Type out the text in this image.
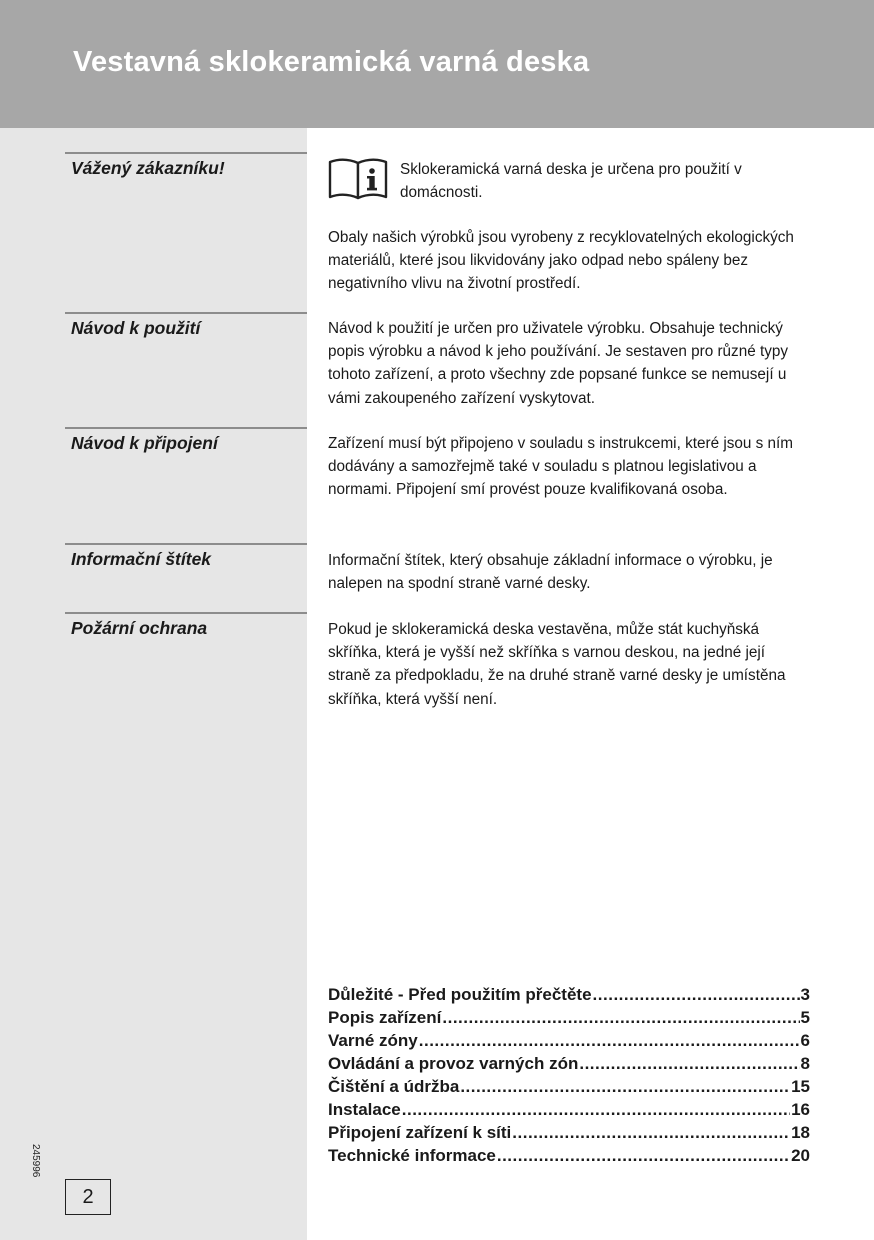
Vestavná sklokeramická varná deska
Vážený zákazníku!
Návod k použití
Návod k připojení
Informační štítek
Požární ochrana

Sklokeramická varná deska je určena pro použití v domácnosti.

Obaly našich výrobků jsou vyrobeny z recyklovatelných ekologických materiálů, které jsou likvidovány jako odpad nebo spáleny bez negativního vlivu na životní prostředí.

Návod k použití je určen pro uživatele výrobku. Obsahuje technický popis výrobku a návod k jeho používání. Je sestaven pro různé typy tohoto zařízení, a proto všechny zde popsané funkce se nemusejí u vámi zakoupeného zařízení vyskytovat.

Zařízení musí být připojeno v souladu s instrukcemi, které jsou s ním dodávány a samozřejmě také v souladu s platnou legislativou a normami. Připojení smí provést pouze kvalifikovaná osoba.

Informační štítek, který obsahuje základní informace o výrobku, je nalepen na spodní straně varné desky.

Pokud je sklokeramická deska vestavěna, může stát kuchyňská skříňka, která je vyšší než skříňka s varnou deskou, na jedné její straně za předpokladu, že na druhé straně varné desky je umístěna skříňka, která vyšší není.

Důležité - Před použitím přečtěte .....	3
Popis zařízení .....	5
Varné zóny .....	6
Ovládání a provoz varných zón .....	8
Čištění a údržba .....	15
Instalace .....	16
Připojení zařízení k síti .....	18
Technické informace .....	20
245996
2
